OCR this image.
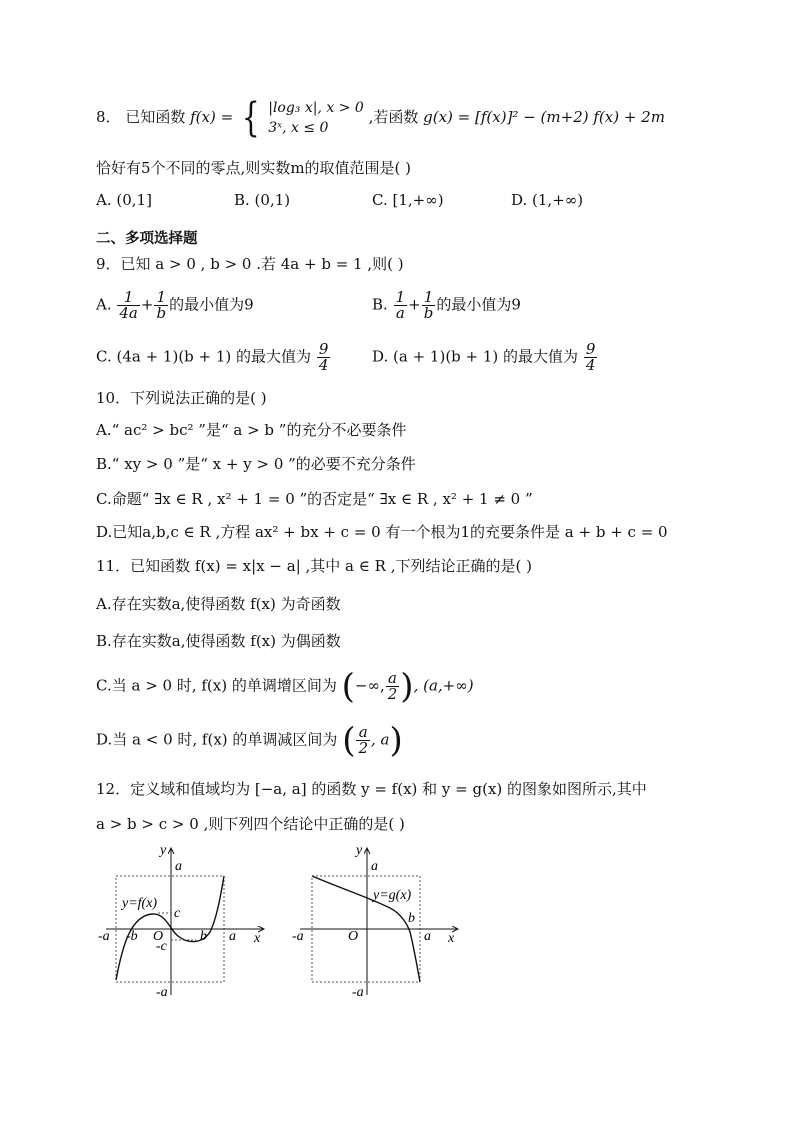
8． 已知函数 f(x) = { |log₃ x|, x > 0
3ˣ, x ≤ 0
,若函数 g(x) = [f(x)]² − (m+2) f(x) + 2m
恰好有5个不同的零点,则实数m的取值范围是( )
A. (0,1]	B. (0,1)	C. [1,+∞)	D. (1,+∞)
二、多项选择题
9．已知 a > 0 , b > 0 .若 4a + b = 1 ,则( )
A. $\frac{1}{4a} + \frac{1}{b}$ 的最小值为9	B. $\frac{1}{a} + \frac{1}{b}$ 的最小值为9
C. (4a + 1)(b + 1) 的最大值为 $\frac{9}{4}$	D. (a + 1)(b + 1) 的最大值为 $\frac{9}{4}$
10．下列说法正确的是( )
A.“ ac² > bc² ”是“ a > b ”的充分不必要条件
B.“ xy > 0 ”是“ x + y > 0 ”的必要不充分条件
C.命题“ ∃x ∈ R , x² + 1 = 0 ”的否定是“ ∃x ∈ R , x² + 1 ≠ 0 ”
D.已知a,b,c ∈ R ,方程 ax² + bx + c = 0 有一个根为1的充要条件是 a + b + c = 0
11．已知函数 f(x) = x|x − a| ,其中 a ∈ R ,下列结论正确的是( )
A.存在实数a,使得函数 f(x) 为奇函数
B.存在实数a,使得函数 f(x) 为偶函数
C.当 a > 0 时, f(x) 的单调增区间为 (−∞, $\frac{a}{2}$ ), (a,+∞)
D.当 a < 0 时, f(x) 的单调减区间为 ( $\frac{a}{2}$ , a)
12．定义域和值域均为 [−a, a] 的函数 y = f(x) 和 y = g(x) 的图象如图所示,其中
a > b > c > 0 ,则下列四个结论中正确的是( )
y
a
y=f(x)
c
-a -b O	b a x
-c
-a
y
a
y=g(x)
b
-a	O	a x
-a
